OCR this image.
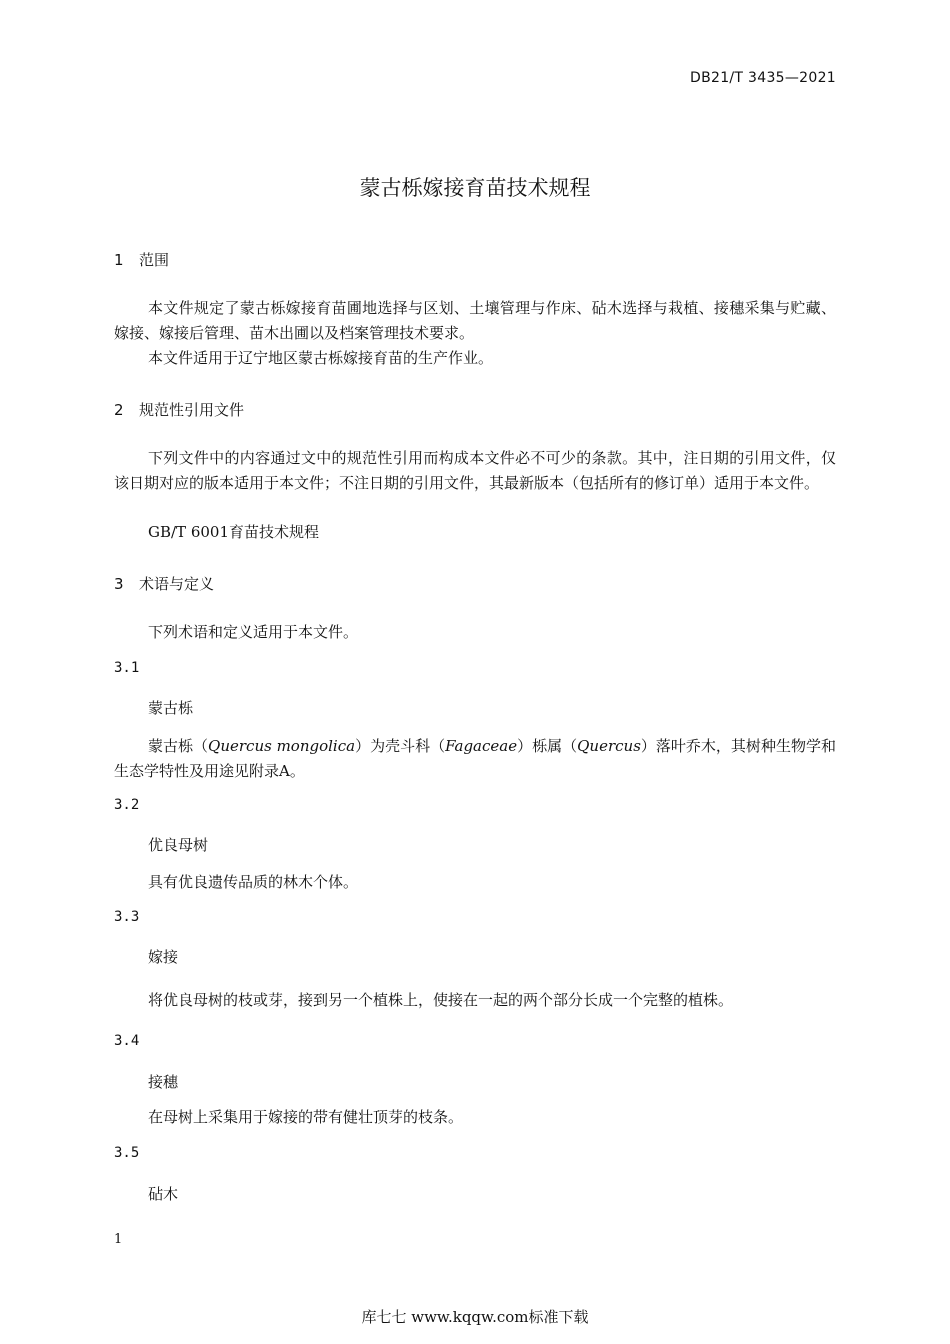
DB21/T 3435—2021
蒙古栎嫁接育苗技术规程
1 范围
本文件规定了蒙古栎嫁接育苗圃地选择与区划、土壤管理与作床、砧木选择与栽植、接穗采集与贮藏、嫁接、嫁接后管理、苗木出圃以及档案管理技术要求。
本文件适用于辽宁地区蒙古栎嫁接育苗的生产作业。
2 规范性引用文件
下列文件中的内容通过文中的规范性引用而构成本文件必不可少的条款。其中，注日期的引用文件，仅该日期对应的版本适用于本文件；不注日期的引用文件，其最新版本（包括所有的修订单）适用于本文件。
GB/T 6001育苗技术规程
3 术语与定义
下列术语和定义适用于本文件。
3.1
蒙古栎
蒙古栎（Quercus mongolica）为壳斗科（Fagaceae）栎属（Quercus）落叶乔木，其树种生物学和生态学特性及用途见附录A。
3.2
优良母树
具有优良遗传品质的林木个体。
3.3
嫁接
将优良母树的枝或芽，接到另一个植株上，使接在一起的两个部分长成一个完整的植株。
3.4
接穗
在母树上采集用于嫁接的带有健壮顶芽的枝条。
3.5
砧木
1
库七七 www.kqqw.com标准下载
